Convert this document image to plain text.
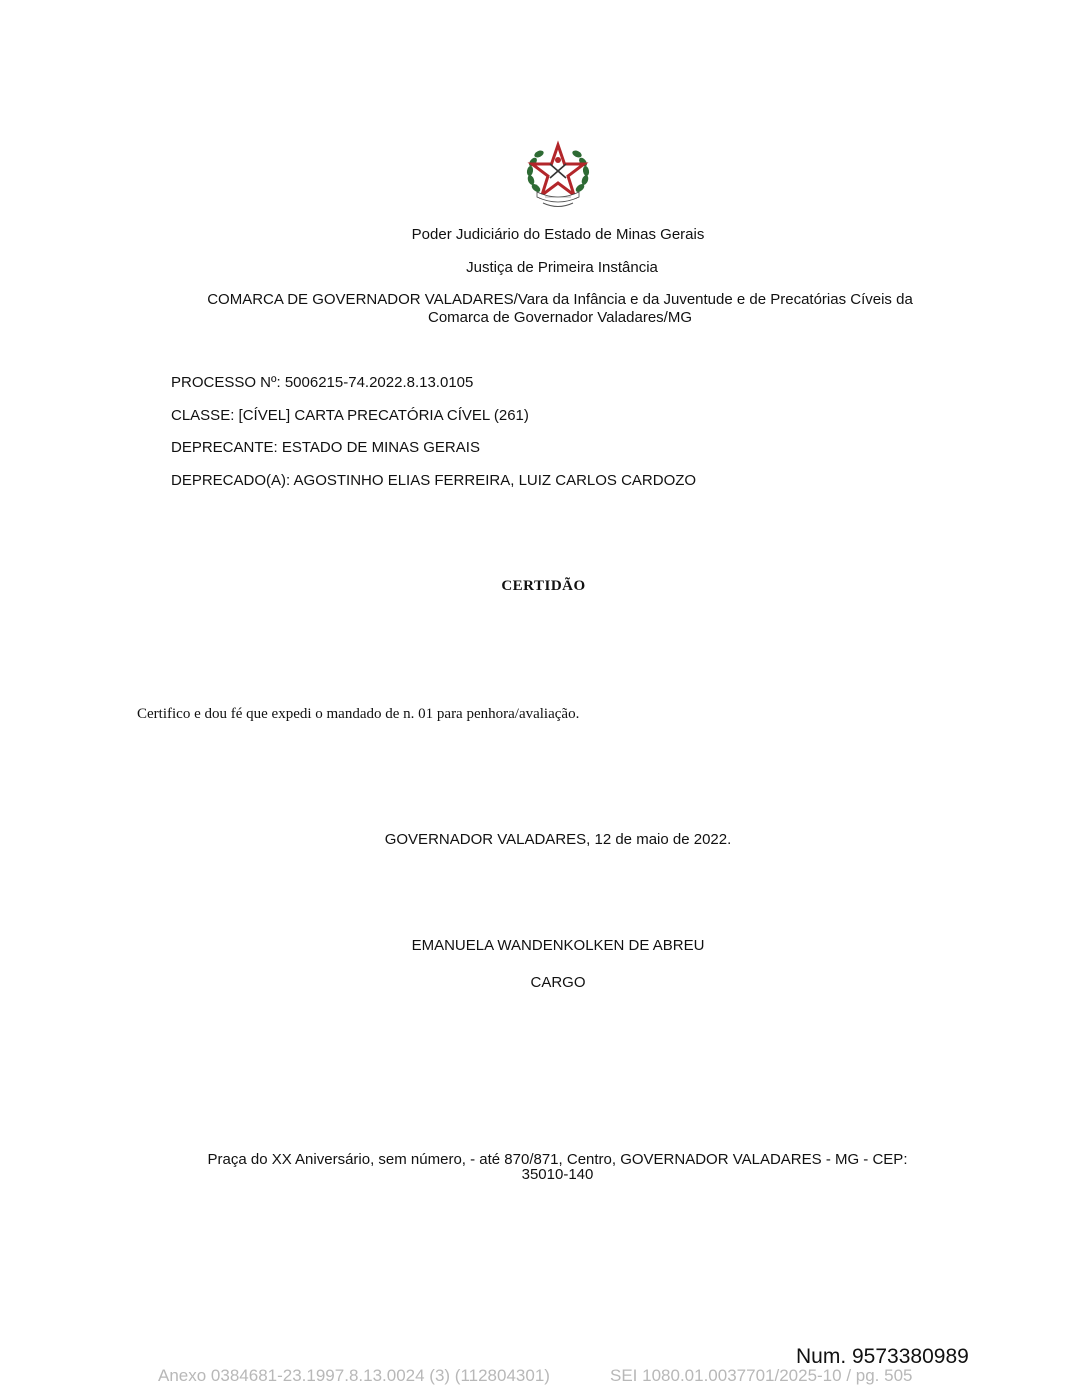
Poder Judiciário do Estado de Minas Gerais
Justiça de Primeira Instância
COMARCA DE GOVERNADOR VALADARES/Vara da Infância e da Juventude e de Precatórias Cíveis da
Comarca de Governador Valadares/MG
PROCESSO Nº: 5006215-74.2022.8.13.0105
CLASSE: [CÍVEL] CARTA PRECATÓRIA CÍVEL (261)
DEPRECANTE: ESTADO DE MINAS GERAIS
DEPRECADO(A): AGOSTINHO ELIAS FERREIRA, LUIZ CARLOS CARDOZO
CERTIDÃO
Certifico e dou fé que expedi o mandado de n. 01 para penhora/avaliação.
GOVERNADOR VALADARES, 12 de maio de 2022.
EMANUELA WANDENKOLKEN DE ABREU
CARGO
Praça do XX Aniversário, sem número, - até 870/871, Centro, GOVERNADOR VALADARES - MG - CEP:
35010-140
Num. 9573380989
Anexo 0384681-23.1997.8.13.0024 (3) (112804301)	SEI 1080.01.0037701/2025-10 / pg. 505
